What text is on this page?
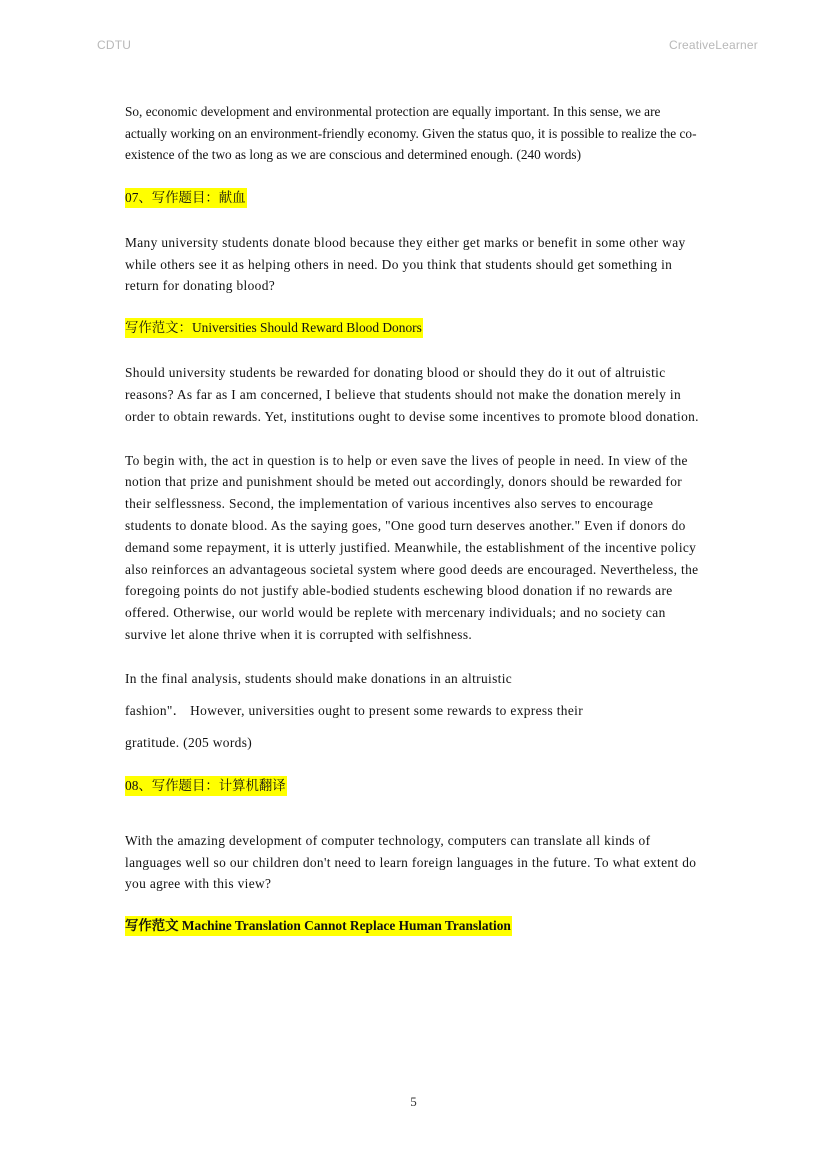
CDTU	CreativeLearner

So, economic development and environmental protection are equally important. In this sense, we are actually working on an environment-friendly economy. Given the status quo, it is possible to realize the co-existence of the two as long as we are conscious and determined enough. (240 words)

07、写作题目：献血

Many university students donate blood because they either get marks or benefit in some other way while others see it as helping others in need. Do you think that students should get something in return for donating blood?

写作范文：Universities Should Reward Blood Donors

Should university students be rewarded for donating blood or should they do it out of altruistic reasons? As far as I am concerned, I believe that students should not make the donation merely in order to obtain rewards. Yet, institutions ought to devise some incentives to promote blood donation.

To begin with, the act in question is to help or even save the lives of people in need. In view of the notion that prize and punishment should be meted out accordingly, donors should be rewarded for their selflessness. Second, the implementation of various incentives also serves to encourage students to donate blood. As the saying goes, "One good turn deserves another." Even if donors do demand some repayment, it is utterly justified. Meanwhile, the establishment of the incentive policy also reinforces an advantageous societal system where good deeds are encouraged. Nevertheless, the foregoing points do not justify able-bodied students eschewing blood donation if no rewards are offered. Otherwise, our world would be replete with mercenary individuals; and no society can survive let alone thrive when it is corrupted with selfishness.

In the final analysis, students should make donations in an altruistic

fashion"． However, universities ought to present some rewards to express their

gratitude. (205 words)

08、写作题目：计算机翻译

With the amazing development of computer technology, computers can translate all kinds of languages well so our children don't need to learn foreign languages in the future. To what extent do you agree with this view?

写作范文 Machine Translation Cannot Replace Human Translation
5
